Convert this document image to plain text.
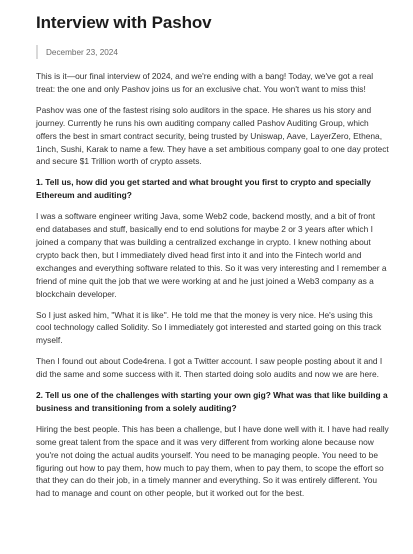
Interview with Pashov
December 23, 2024

This is it—our final interview of 2024, and we're ending with a bang! Today, we've got a real treat: the one and only Pashov joins us for an exclusive chat. You won't want to miss this!

Pashov was one of the fastest rising solo auditors in the space. He shares us his story and journey. Currently he runs his own auditing company called Pashov Auditing Group, which offers the best in smart contract security, being trusted by Uniswap, Aave, LayerZero, Ethena, 1inch, Sushi, Karak to name a few. They have a set ambitious company goal to one day protect and secure $1 Trillion worth of crypto assets.

1. Tell us, how did you get started and what brought you first to crypto and specially Ethereum and auditing?

I was a software engineer writing Java, some Web2 code, backend mostly, and a bit of front end databases and stuff, basically end to end solutions for maybe 2 or 3 years after which I joined a company that was building a centralized exchange in crypto. I knew nothing about crypto back then, but I immediately dived head first into it and into the Fintech world and exchanges and everything software related to this. So it was very interesting and I remember a friend of mine quit the job that we were working at and he just joined a Web3 company as a blockchain developer.

So I just asked him, "What it is like". He told me that the money is very nice. He's using this cool technology called Solidity. So I immediately got interested and started going on this track myself.

Then I found out about Code4rena. I got a Twitter account. I saw people posting about it and I did the same and some success with it. Then started doing solo audits and now we are here.

2. Tell us one of the challenges with starting your own gig? What was that like building a business and transitioning from a solely auditing?

Hiring the best people. This has been a challenge, but I have done well with it. I have had really some great talent from the space and it was very different from working alone because now you're not doing the actual audits yourself. You need to be managing people. You need to be figuring out how to pay them, how much to pay them, when to pay them, to scope the effort so that they can do their job, in a timely manner and everything. So it was entirely different. You had to manage and count on other people, but it worked out for the best.
